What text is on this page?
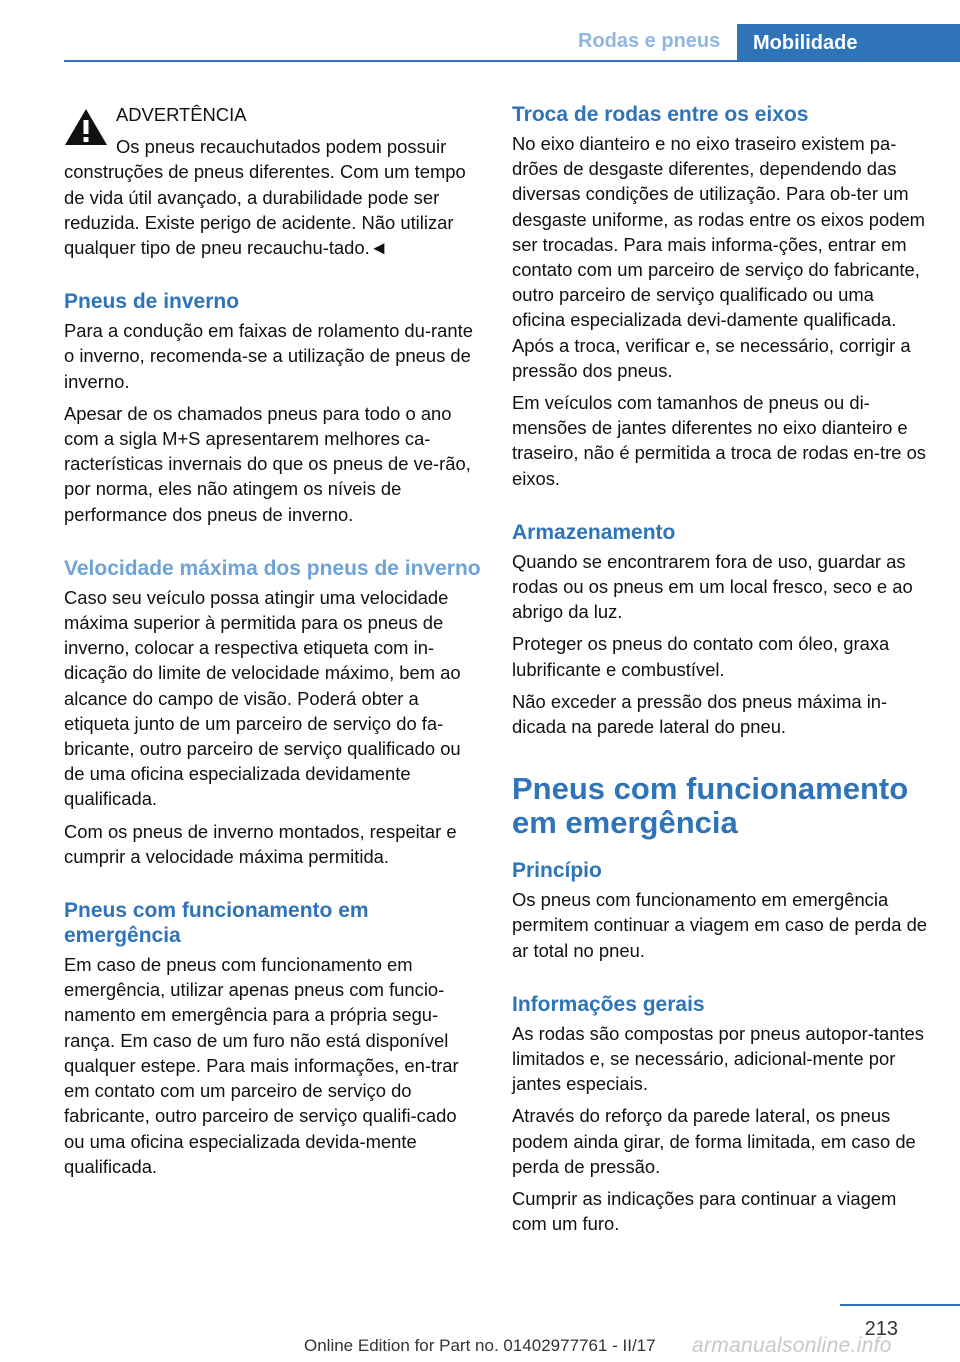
Rodas e pneus	Mobilidade

ADVERTÊNCIA

Os pneus recauchutados podem possuir

construções de pneus diferentes. Com um tempo de vida útil avançado, a durabilidade pode ser reduzida. Existe perigo de acidente. Não utilizar qualquer tipo de pneu recauchu-tado.◄

Pneus de inverno

Para a condução em faixas de rolamento du-rante o inverno, recomenda-se a utilização de pneus de inverno.

Apesar de os chamados pneus para todo o ano com a sigla M+S apresentarem melhores ca-racterísticas invernais do que os pneus de ve-rão, por norma, eles não atingem os níveis de performance dos pneus de inverno.

Velocidade máxima dos pneus de inverno

Caso seu veículo possa atingir uma velocidade máxima superior à permitida para os pneus de inverno, colocar a respectiva etiqueta com in-dicação do limite de velocidade máximo, bem ao alcance do campo de visão. Poderá obter a etiqueta junto de um parceiro de serviço do fa-bricante, outro parceiro de serviço qualificado ou de uma oficina especializada devidamente qualificada.

Com os pneus de inverno montados, respeitar e cumprir a velocidade máxima permitida.

Pneus com funcionamento em emergência

Em caso de pneus com funcionamento em emergência, utilizar apenas pneus com funcio-namento em emergência para a própria segu-rança. Em caso de um furo não está disponível qualquer estepe. Para mais informações, en-trar em contato com um parceiro de serviço do fabricante, outro parceiro de serviço qualifi-cado ou uma oficina especializada devida-mente qualificada.

Troca de rodas entre os eixos

No eixo dianteiro e no eixo traseiro existem pa-drões de desgaste diferentes, dependendo das diversas condições de utilização. Para ob-ter um desgaste uniforme, as rodas entre os eixos podem ser trocadas. Para mais informa-ções, entrar em contato com um parceiro de serviço do fabricante, outro parceiro de serviço qualificado ou uma oficina especializada devi-damente qualificada. Após a troca, verificar e, se necessário, corrigir a pressão dos pneus.

Em veículos com tamanhos de pneus ou di-mensões de jantes diferentes no eixo dianteiro e traseiro, não é permitida a troca de rodas en-tre os eixos.

Armazenamento

Quando se encontrarem fora de uso, guardar as rodas ou os pneus em um local fresco, seco e ao abrigo da luz.

Proteger os pneus do contato com óleo, graxa lubrificante e combustível.

Não exceder a pressão dos pneus máxima in-dicada na parede lateral do pneu.

Pneus com funcionamento em emergência
Princípio

Os pneus com funcionamento em emergência permitem continuar a viagem em caso de perda de ar total no pneu.

Informações gerais

As rodas são compostas por pneus autopor-tantes limitados e, se necessário, adicional-mente por jantes especiais.

Através do reforço da parede lateral, os pneus podem ainda girar, de forma limitada, em caso de perda de pressão.

Cumprir as indicações para continuar a viagem com um furo.

213
Online Edition for Part no. 01402977761 - II/17 armanualsonline.info
